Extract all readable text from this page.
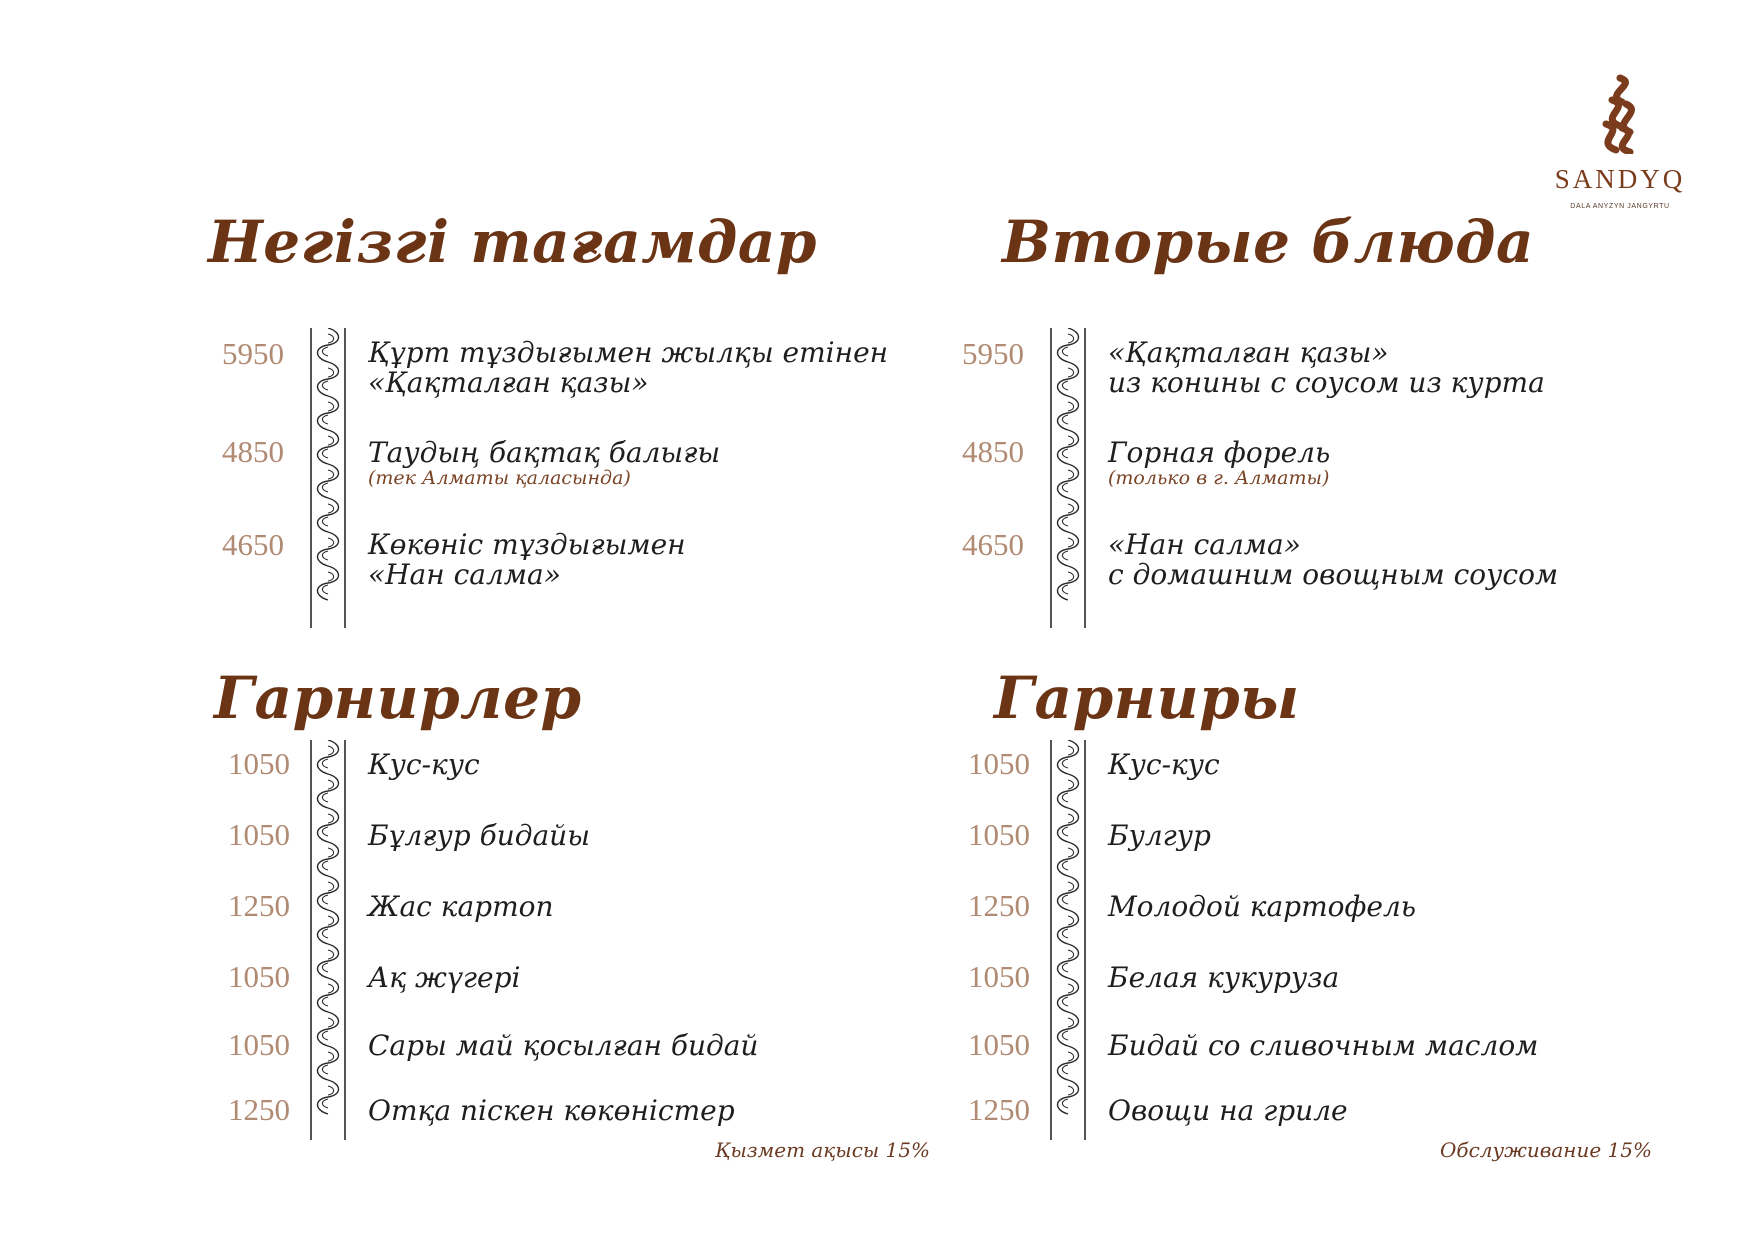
SANDYQ
DALA ANYZYN JANGYRTU
Негізгі тағамдар	Вторые блюда
Гарнирлер	Гарниры
5950	Құрт тұздығымен жылқы етінен
«Қақталған қазы»
4850	Таудың бақтақ балығы
(тек Алматы қаласында)
4650	Көкөніс тұздығымен
«Нан салма»
5950	«Қақталған қазы»
из конины с соусом из курта
4850	Горная форель
(только в г. Алматы)
4650	«Нан салма»
с домашним овощным соусом
1050	Кус-кус
1050	Бұлғур бидайы
1250	Жас картоп
1050	Ақ жүгері
1050	Сары май қосылған бидай
1250	Отқа піскен көкөністер
1050	Кус-кус
1050	Булгур
1250	Молодой картофель
1050	Белая кукуруза
1050	Бидай со сливочным маслом
1250	Овощи на гриле
Қызмет ақысы 15%	Обслуживание 15%
